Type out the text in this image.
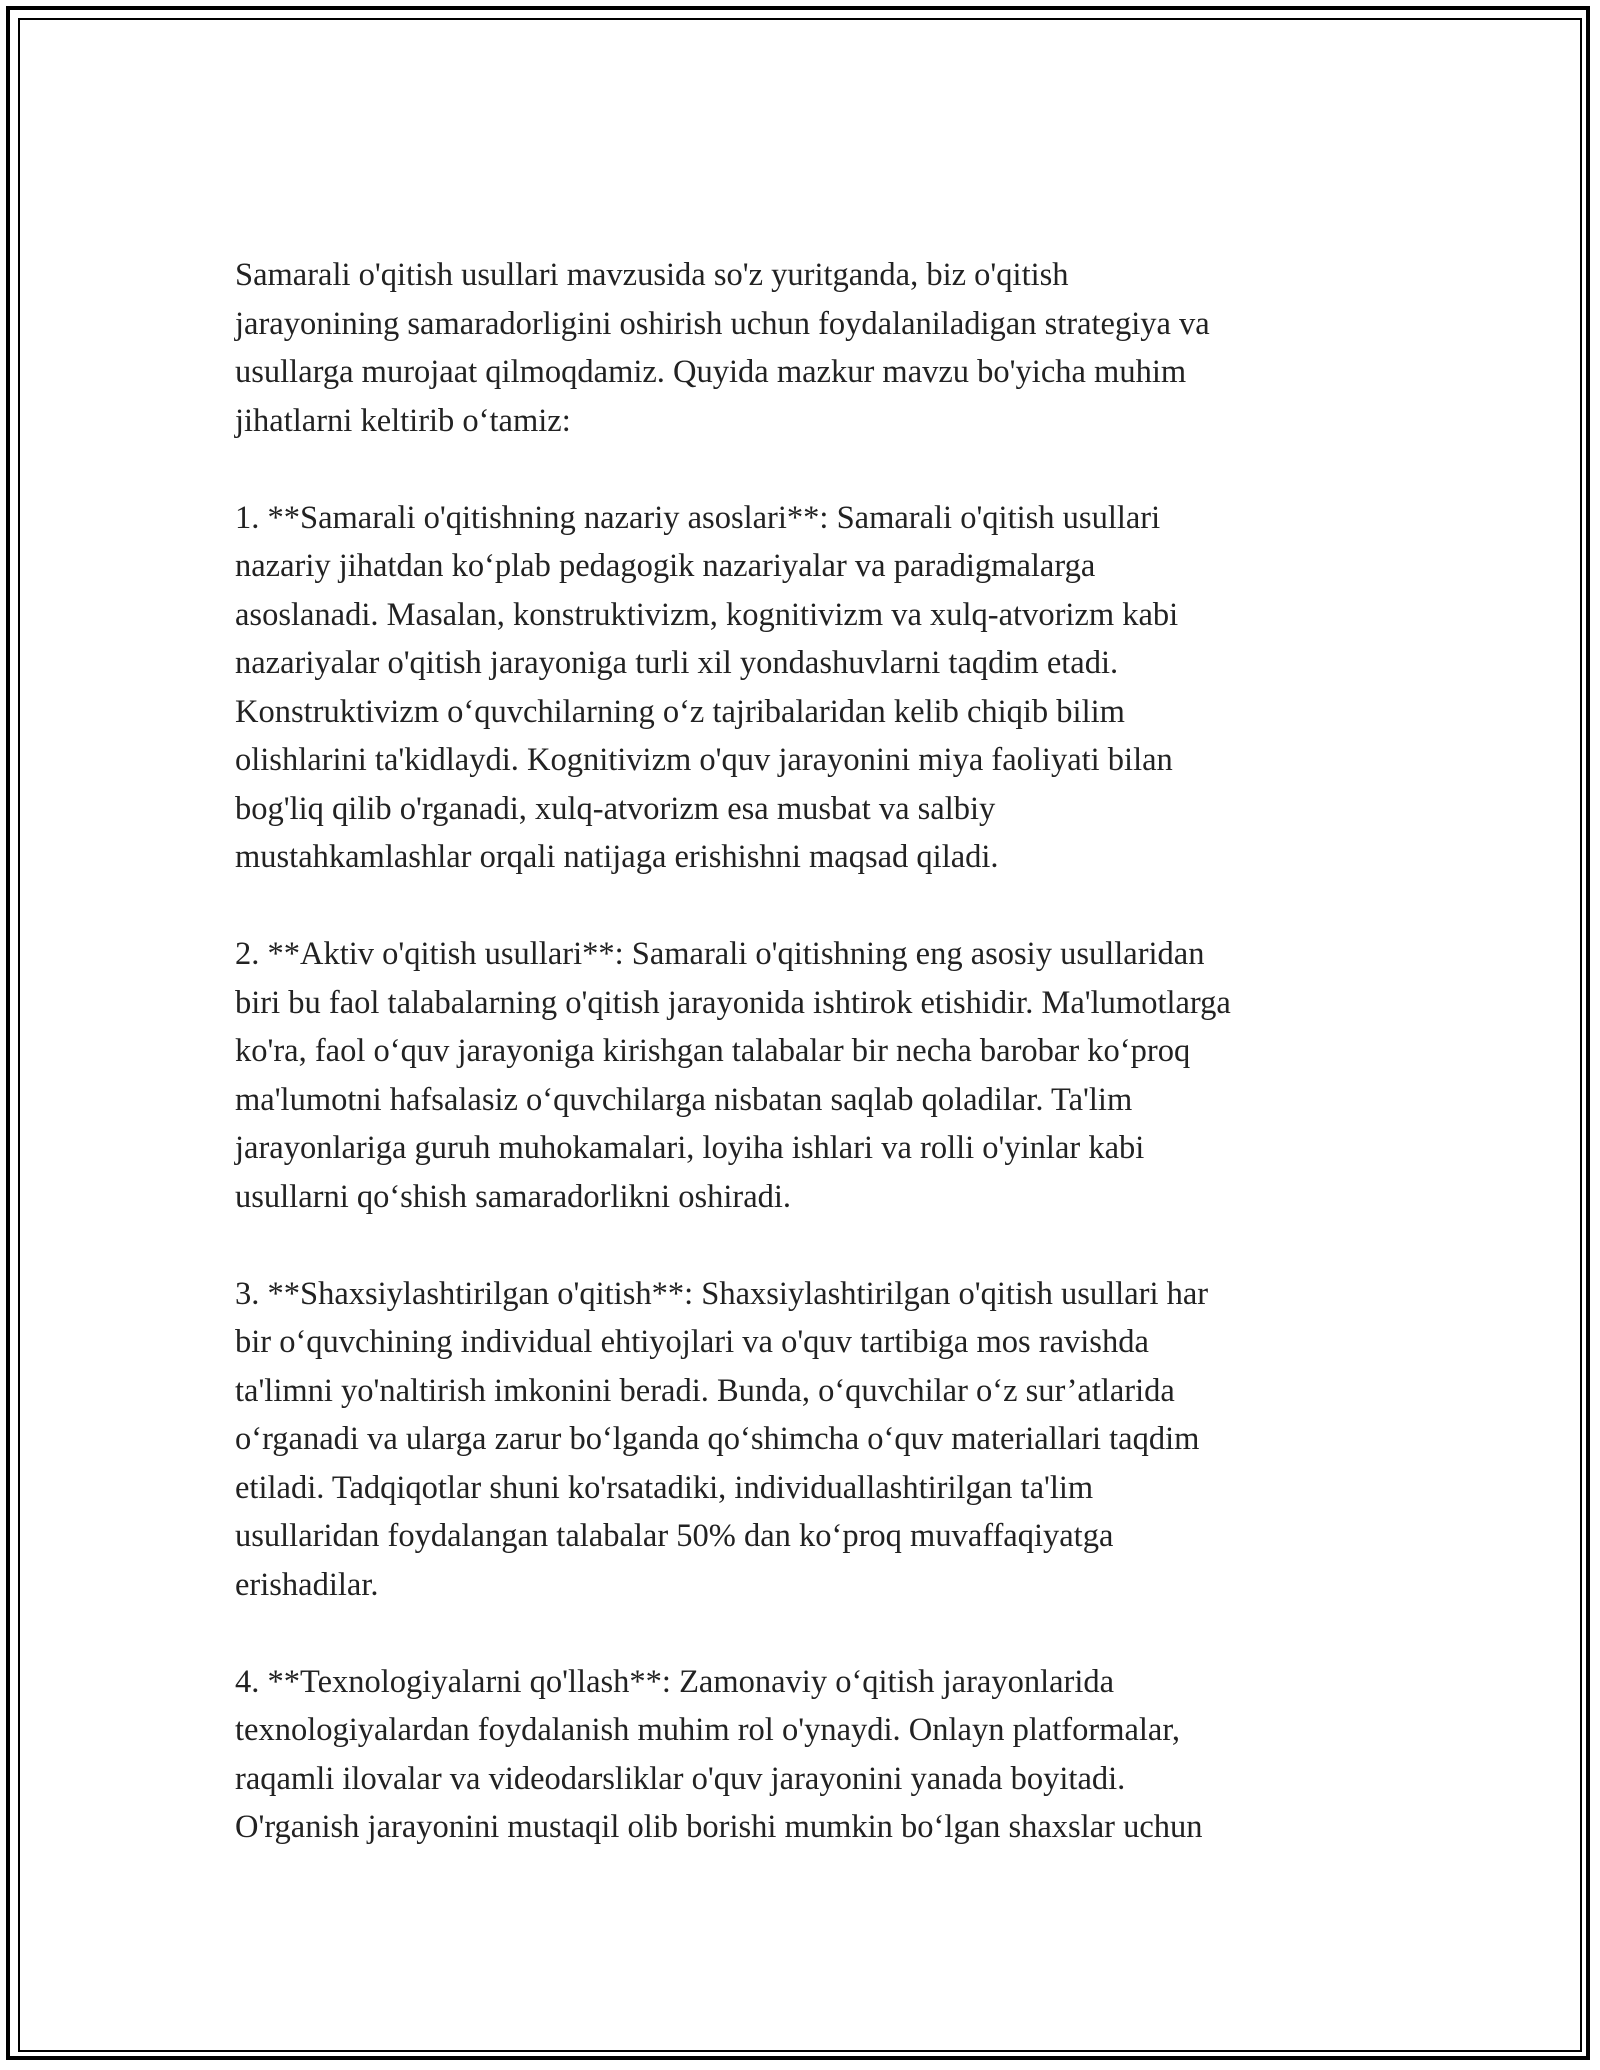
Samarali o'qitish usullari mavzusida so'z yuritganda, biz o'qitish
jarayonining samaradorligini oshirish uchun foydalaniladigan strategiya va
usullarga murojaat qilmoqdamiz. Quyida mazkur mavzu bo'yicha muhim
jihatlarni keltirib o‘tamiz:
1. **Samarali o'qitishning nazariy asoslari**: Samarali o'qitish usullari
nazariy jihatdan ko‘plab pedagogik nazariyalar va paradigmalarga
asoslanadi. Masalan, konstruktivizm, kognitivizm va xulq-atvorizm kabi
nazariyalar o'qitish jarayoniga turli xil yondashuvlarni taqdim etadi.
Konstruktivizm o‘quvchilarning o‘z tajribalaridan kelib chiqib bilim
olishlarini ta'kidlaydi. Kognitivizm o'quv jarayonini miya faoliyati bilan
bog'liq qilib o'rganadi, xulq-atvorizm esa musbat va salbiy
mustahkamlashlar orqali natijaga erishishni maqsad qiladi.
2. **Aktiv o'qitish usullari**: Samarali o'qitishning eng asosiy usullaridan
biri bu faol talabalarning o'qitish jarayonida ishtirok etishidir. Ma'lumotlarga
ko'ra, faol o‘quv jarayoniga kirishgan talabalar bir necha barobar ko‘proq
ma'lumotni hafsalasiz o‘quvchilarga nisbatan saqlab qoladilar. Ta'lim
jarayonlariga guruh muhokamalari, loyiha ishlari va rolli o'yinlar kabi
usullarni qo‘shish samaradorlikni oshiradi.
3. **Shaxsiylashtirilgan o'qitish**: Shaxsiylashtirilgan o'qitish usullari har
bir o‘quvchining individual ehtiyojlari va o'quv tartibiga mos ravishda
ta'limni yo'naltirish imkonini beradi. Bunda, o‘quvchilar o‘z sur’atlarida
o‘rganadi va ularga zarur bo‘lganda qo‘shimcha o‘quv materiallari taqdim
etiladi. Tadqiqotlar shuni ko'rsatadiki, individuallashtirilgan ta'lim
usullaridan foydalangan talabalar 50% dan ko‘proq muvaffaqiyatga
erishadilar.
4. **Texnologiyalarni qo'llash**: Zamonaviy o‘qitish jarayonlarida
texnologiyalardan foydalanish muhim rol o'ynaydi. Onlayn platformalar,
raqamli ilovalar va videodarsliklar o'quv jarayonini yanada boyitadi.
O'rganish jarayonini mustaqil olib borishi mumkin bo‘lgan shaxslar uchun
